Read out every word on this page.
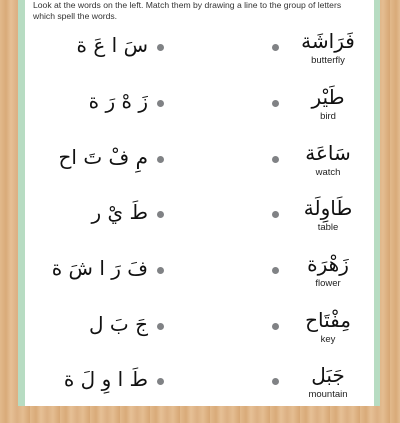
Look at the words on the left. Match them by drawing a line to the group of letters which spell the words.

سَ ا عَ ة	فَرَاشَة
butterfly
زَ هْ رَ ة	طَيْر
bird
مِ فْ تَ اح	سَاعَة
watch
طَ يْ ر	طَاوِلَة
table
فَ رَ ا شَ ة	زَهْرَة
flower
جَ بَ ل	مِفْتَاح
key
طَ ا وِ لَ ة	جَبَل
mountain
